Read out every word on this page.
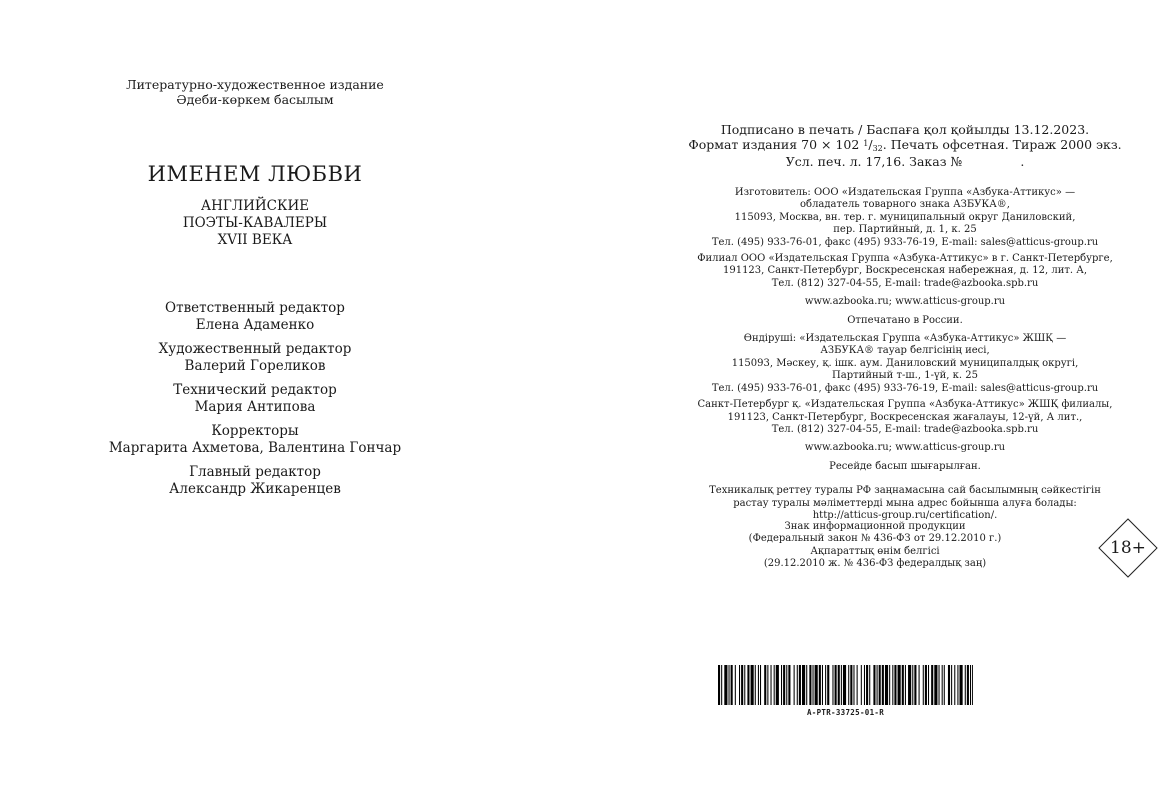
Литературно-художественное издание
Әдеби-көркем басылым
ИМЕНЕМ ЛЮБВИ
АНГЛИЙСКИЕ
ПОЭТЫ-КАВАЛЕРЫ
XVII ВЕКА
Ответственный редактор
Елена Адаменко
Художественный редактор
Валерий Гореликов
Технический редактор
Мария Антипова
Корректоры
Маргарита Ахметова, Валентина Гончар
Главный редактор
Александр Жикаренцев
Подписано в печать / Баспаға қол қойылды 13.12.2023.
Формат издания 70 × 102 $^1$/32. Печать офсетная. Тираж 2000 экз.
Усл. печ. л. 17,16. Заказ №	.
Изготовитель: ООО «Издательская Группа «Азбука-Аттикус» —
обладатель товарного знака АЗБУКА®,
115093, Москва, вн. тер. г. муниципальный округ Даниловский,
пер. Партийный, д. 1, к. 25
Тел. (495) 933-76-01, факс (495) 933-76-19, E-mail: sales@atticus-group.ru
Филиал ООО «Издательская Группа «Азбука-Аттикус» в г. Санкт-Петербурге,
191123, Санкт-Петербург, Воскресенская набережная, д. 12, лит. А,
Тел. (812) 327-04-55, E-mail: trade@azbooka.spb.ru
www.azbooka.ru; www.atticus-group.ru
Отпечатано в России.
Өндіруші: «Издательская Группа «Азбука-Аттикус» ЖШҚ —
АЗБУКА® тауар белгісінің иесі,
115093, Мәскеу, қ. ішк. аум. Даниловский муниципалдық округі,
Партийный т-ш., 1-үй, к. 25
Тел. (495) 933-76-01, факс (495) 933-76-19, E-mail: sales@atticus-group.ru
Санкт-Петербург қ. «Издательская Группа «Азбука-Аттикус» ЖШҚ филиалы,
191123, Санкт-Петербург, Воскресенская жағалауы, 12-үй, А лит.,
Тел. (812) 327-04-55, E-mail: trade@azbooka.spb.ru
www.azbooka.ru; www.atticus-group.ru
Ресейде басып шығарылған.
Техникалық реттеу туралы РФ заңнамасына сай басылымның сәйкестігін
растау туралы мәліметтерді мына адрес бойынша алуға болады:
http://atticus-group.ru/certification/.
Знак информационной продукции
(Федеральный закон № 436-ФЗ от 29.12.2010 г.)
Ақпараттық өнім белгісі
(29.12.2010 ж. № 436-ФЗ федералдық заң)
18+
A-PTR-33725-01-R
